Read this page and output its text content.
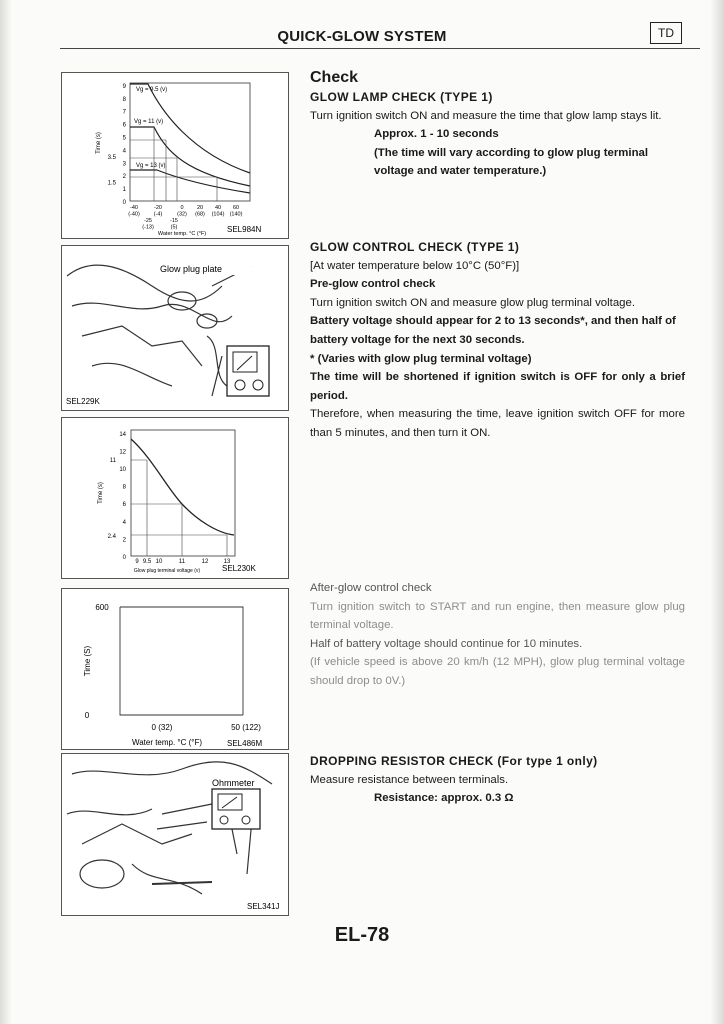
QUICK-GLOW SYSTEM	TD
SEL984N
9
8
7
6
5
4
3.5
3
2
1.5
1
0
-40
(-40)
-20
(-4)
0
(32)
20
(68)
40
(104)
60
(140)
-25
(-13)
-15
(5)
Water temp. °C (°F)
Time (s)
Vg = 9.5 (v)
Vg = 11 (v)
Vg = 13 (v)
Glow plug plate
SEL229K
SEL230K
14
12
11
10
8
6
4
2.4
2
0
9 9.5 10	11	12	13
Glow plug terminal voltage (v)
Time (s)
SEL486M
600
0
0 (32)	50 (122)
Water temp. °C (°F)
Time (S)
Ohmmeter
SEL341J

Check

GLOW LAMP CHECK (TYPE 1)

Turn ignition switch ON and measure the time that glow lamp stays lit.

Approx. 1 - 10 seconds

(The time will vary according to glow plug terminal voltage and water temperature.)

GLOW CONTROL CHECK (TYPE 1)

[At water temperature below 10°C (50°F)]

Pre-glow control check

Turn ignition switch ON and measure glow plug terminal voltage.

Battery voltage should appear for 2 to 13 seconds*, and then half of battery voltage for the next 30 seconds.

* (Varies with glow plug terminal voltage)

The time will be shortened if ignition switch is OFF for only a brief period.

Therefore, when measuring the time, leave ignition switch OFF for more than 5 minutes, and then turn it ON.

After-glow control check

Turn ignition switch to START and run engine, then measure glow plug terminal voltage.

Half of battery voltage should continue for 10 minutes.

(If vehicle speed is above 20 km/h (12 MPH), glow plug terminal voltage should drop to 0V.)

DROPPING RESISTOR CHECK (For type 1 only)

Measure resistance between terminals.

Resistance: approx. 0.3 Ω

EL-78
